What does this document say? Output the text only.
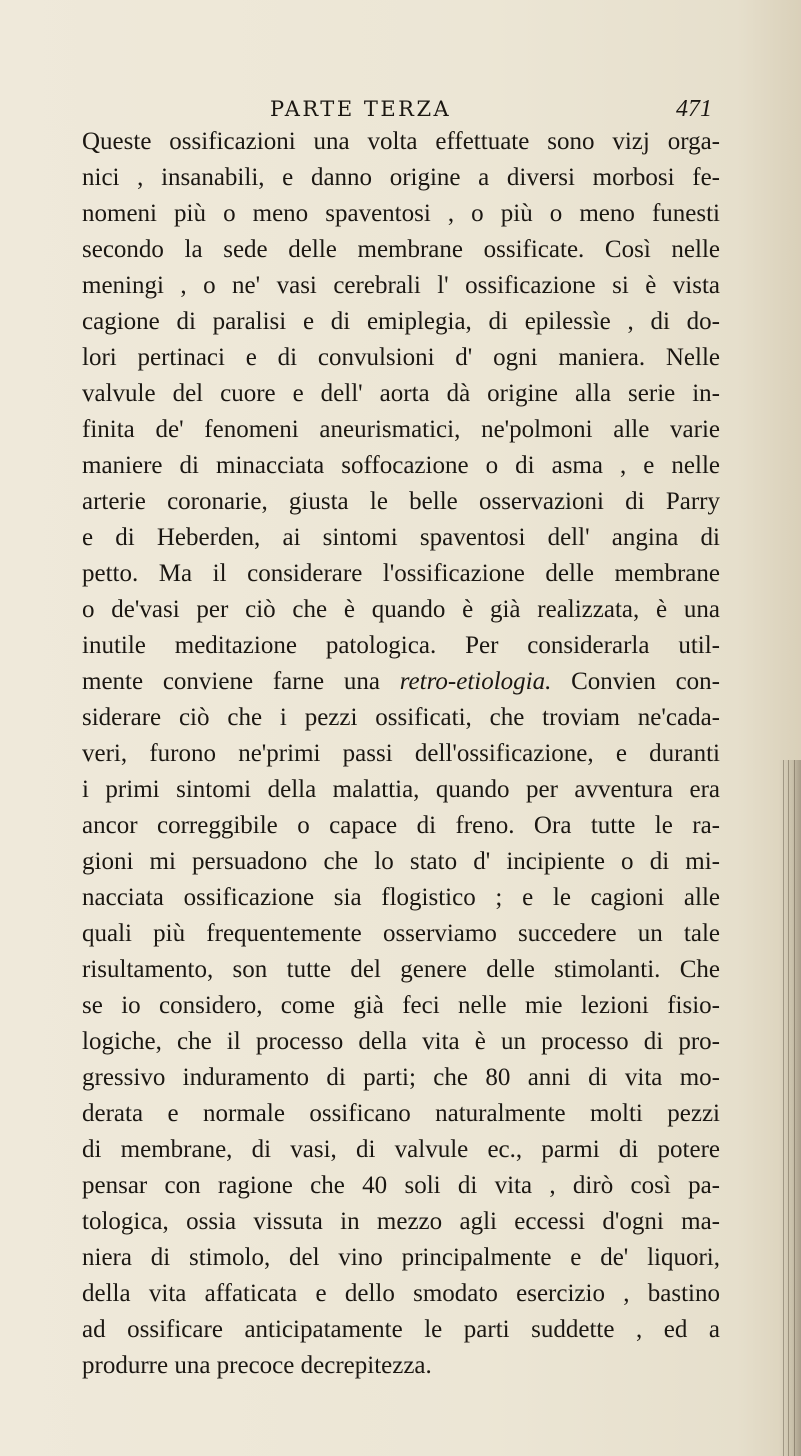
PARTE TERZA	471
Queste ossificazioni una volta effettuate sono vizj orga-
nici , insanabili, e danno origine a diversi morbosi fe-
nomeni più o meno spaventosi , o più o meno funesti
secondo la sede delle membrane ossificate. Così nelle
meningi , o ne' vasi cerebrali l' ossificazione si è vista
cagione di paralisi e di emiplegia, di epilessìe , di do-
lori pertinaci e di convulsioni d' ogni maniera. Nelle
valvule del cuore e dell' aorta dà origine alla serie in-
finita de' fenomeni aneurismatici, ne'polmoni alle varie
maniere di minacciata soffocazione o di asma , e nelle
arterie coronarie, giusta le belle osservazioni di Parry
e di Heberden, ai sintomi spaventosi dell' angina di
petto. Ma il considerare l'ossificazione delle membrane
o de'vasi per ciò che è quando è già realizzata, è una
inutile meditazione patologica. Per considerarla util-
mente conviene farne una retro-etiologia. Convien con-
siderare ciò che i pezzi ossificati, che troviam ne'cada-
veri, furono ne'primi passi dell'ossificazione, e duranti
i primi sintomi della malattia, quando per avventura era
ancor correggibile o capace di freno. Ora tutte le ra-
gioni mi persuadono che lo stato d' incipiente o di mi-
nacciata ossificazione sia flogistico ; e le cagioni alle
quali più frequentemente osserviamo succedere un tale
risultamento, son tutte del genere delle stimolanti. Che
se io considero, come già feci nelle mie lezioni fisio-
logiche, che il processo della vita è un processo di pro-
gressivo induramento di parti; che 80 anni di vita mo-
derata e normale ossificano naturalmente molti pezzi
di membrane, di vasi, di valvule ec., parmi di potere
pensar con ragione che 40 soli di vita , dirò così pa-
tologica, ossia vissuta in mezzo agli eccessi d'ogni ma-
niera di stimolo, del vino principalmente e de' liquori,
della vita affaticata e dello smodato esercizio , bastino
ad ossificare anticipatamente le parti suddette , ed a
produrre una precoce decrepitezza.
